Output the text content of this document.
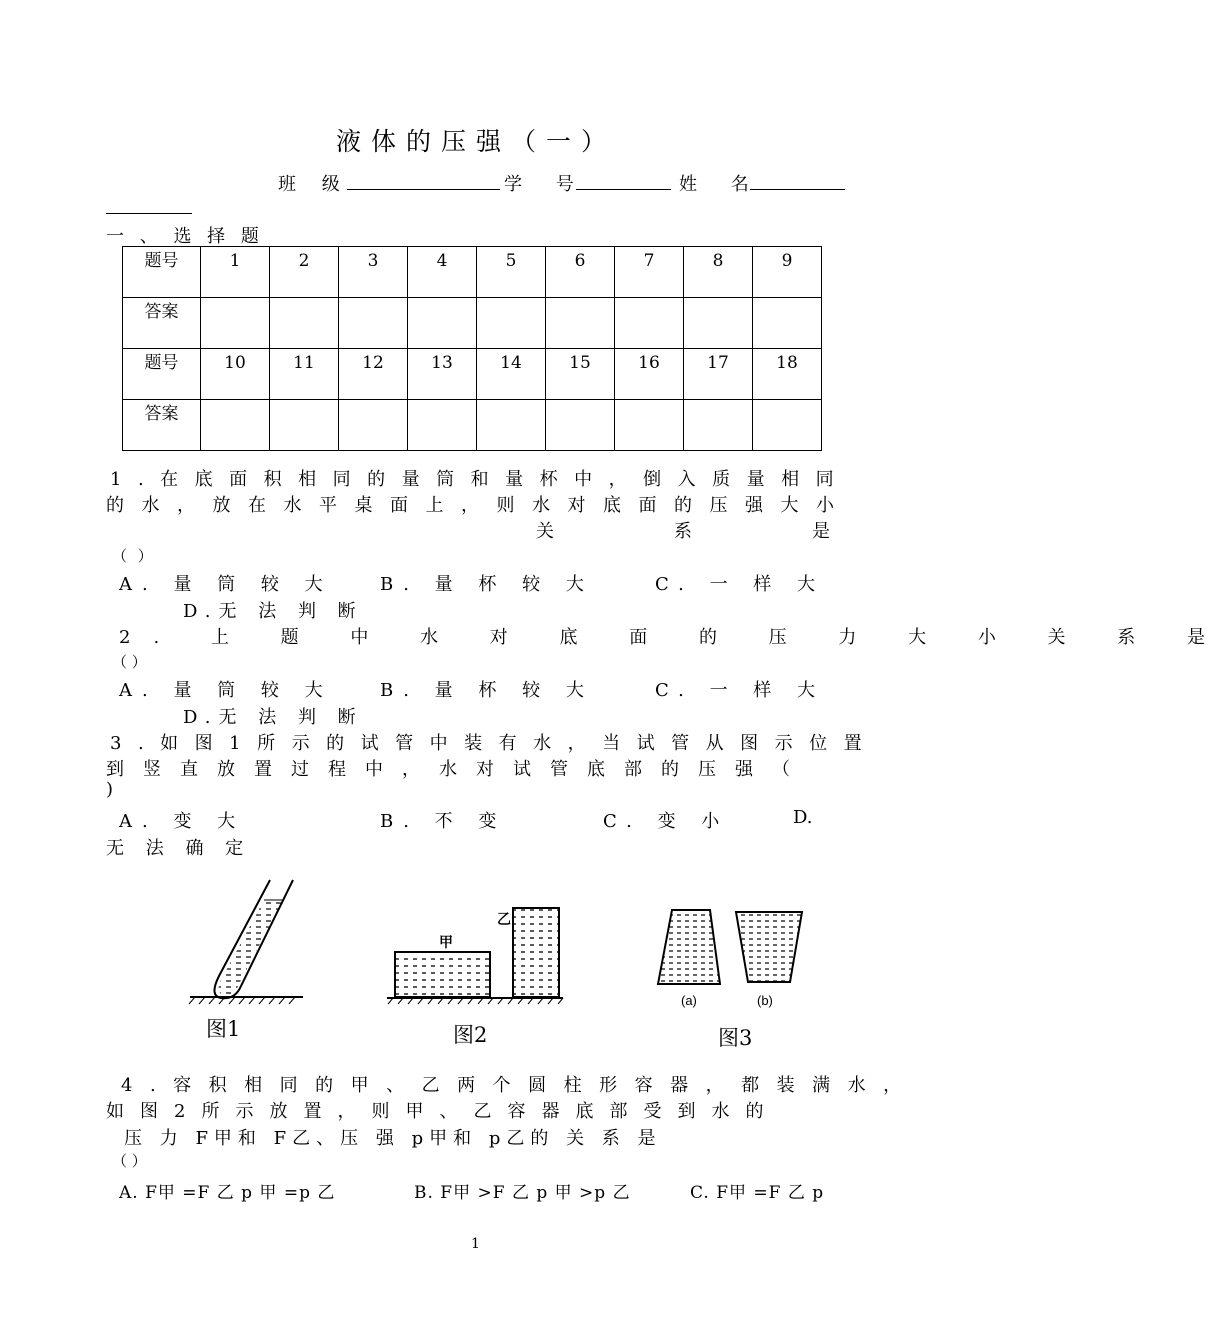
液体的压强（一）
班 级	学 号	姓 名
一 、 选 择 题
题号	1	2	3	4	5	6	7	8	9
答案									
题号	10	11	12	13	14	15	16	17	18
答案									
1.在底面积相同的量筒和量杯中，倒入质量相同
的水，放在水平桌面上，则水对底面的压强大小
关	系	是
（ ）
A. 量 筒 较 大	B. 量 杯 较 大	C. 一 样 大
D.无 法 判 断
2. 上 题 中 水 对 底 面 的 压 力 大 小 关 系 是
（ ）
A. 量 筒 较 大	B. 量 杯 较 大	C. 一 样 大
D.无 法 判 断
3.如图1所示的试管中装有水，当试管从图示位置
到竖直放置过程中，水对试管底部的压强（
)
A. 变 大	B. 不 变	C. 变 小	D.
无 法 确 定
图1
甲
乙
图2
(a)	(b)
图3
4.容积相同的甲、乙两个圆柱形容器，都装满水，
如图2所示放置，则甲、乙容器底部受到水的
压 力 F甲和 F乙、压 强 p甲和 p乙的 关 系 是
（ ）
A. F甲 =F 乙 p 甲 =p 乙	B. F甲 >F 乙 p 甲 >p 乙	C. F甲 =F 乙 p
1
